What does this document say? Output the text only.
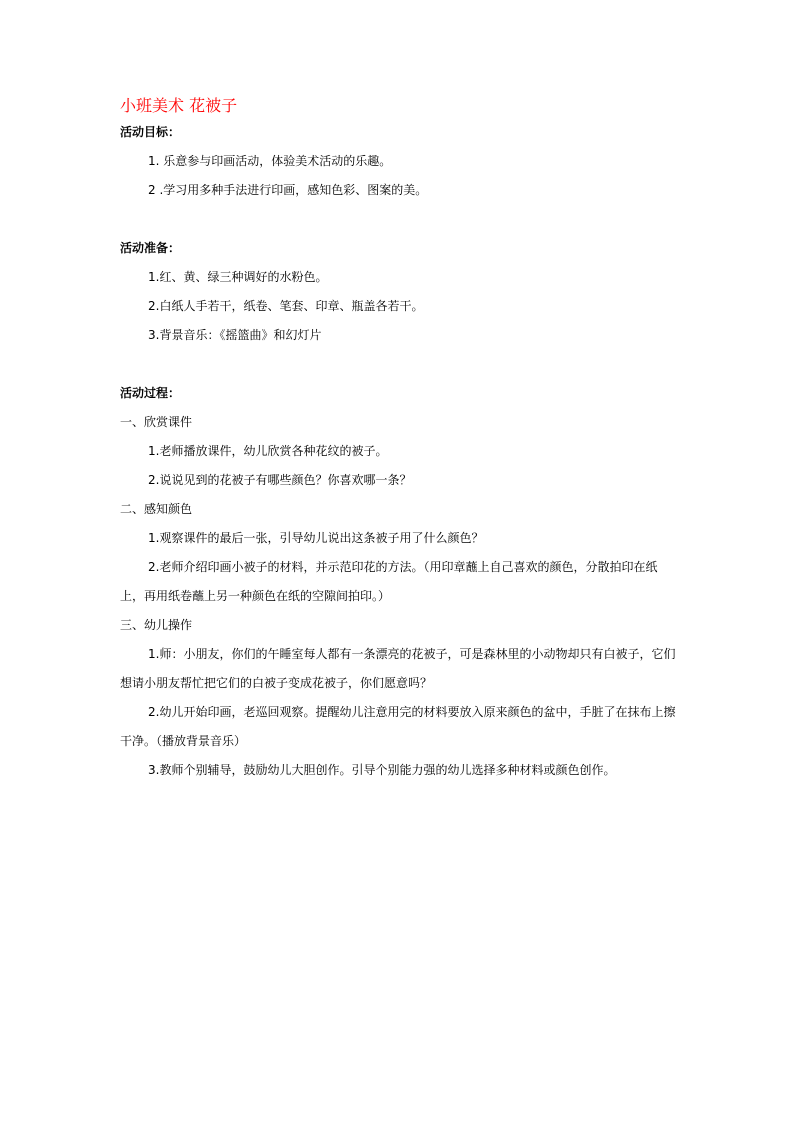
小班美术 花被子

活动目标：

1. 乐意参与印画活动，体验美术活动的乐趣。

2 .学习用多种手法进行印画，感知色彩、图案的美。

活动准备：

1.红、黄、绿三种调好的水粉色。

2.白纸人手若干，纸卷、笔套、印章、瓶盖各若干。

3.背景音乐：《摇篮曲》和幻灯片

活动过程：

一、欣赏课件

1.老师播放课件，幼儿欣赏各种花纹的被子。

2.说说见到的花被子有哪些颜色？你喜欢哪一条？

二、感知颜色

1.观察课件的最后一张，引导幼儿说出这条被子用了什么颜色？

2.老师介绍印画小被子的材料，并示范印花的方法。（用印章蘸上自己喜欢的颜色，分散拍印在纸上，再用纸卷蘸上另一种颜色在纸的空隙间拍印。）

三、幼儿操作

1.师：小朋友，你们的午睡室每人都有一条漂亮的花被子，可是森林里的小动物却只有白被子，它们想请小朋友帮忙把它们的白被子变成花被子，你们愿意吗？

2.幼儿开始印画，老巡回观察。提醒幼儿注意用完的材料要放入原来颜色的盆中，手脏了在抹布上擦干净。（播放背景音乐）

3.教师个别辅导，鼓励幼儿大胆创作。引导个别能力强的幼儿选择多种材料或颜色创作。
